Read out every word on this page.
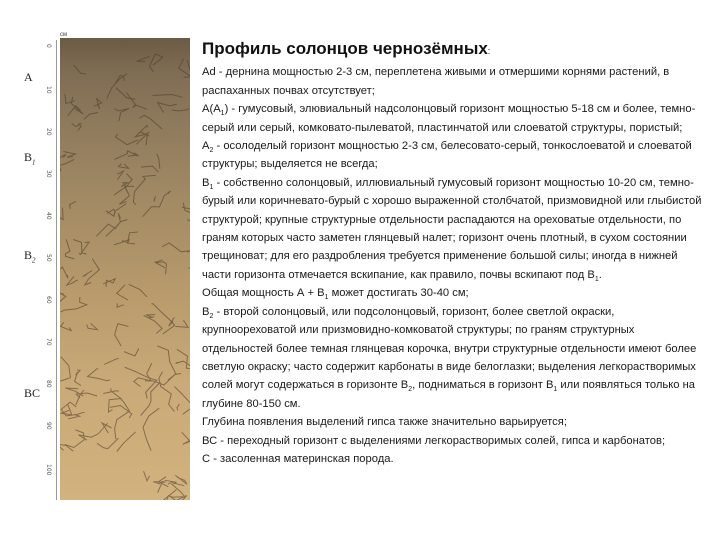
0
10
20
30
40
50
60
70
80
90
100
А
$В_1$
$В_2$
ВС
см
Профиль солонцов чернозёмных:

Аd - дернина мощностью 2-3 см, переплетена живыми и отмершими корнями растений, в распаханных почвах отсутствует;

$А(А_1)$ - гумусовый, элювиальный надсолонцовый горизонт мощностью 5-18 см и более, темно-серый или серый, комковато-пылеватой, пластинчатой или слоеватой структуры, пористый;

$А_2$ - осолоделый горизонт мощностью 2-3 см, белесовато-серый, тонкослоеватой и слоеватой структуры; выделяется не всегда;

$В_1$ - собственно солонцовый, иллювиальный гумусовый горизонт мощностью 10-20 см, темно-бурый или коричневато-бурый с хорошо выраженной столбчатой, призмовидной или глыбистой структурой; крупные структурные отдельности распадаются на ореховатые отдельности, по граням которых часто заметен глянцевый налет; горизонт очень плотный, в сухом состоянии трещиноват; для его раздробления требуется применение большой силы; иногда в нижней части горизонта отмечается вскипание, как правило, почвы вскипают под $В_1$.

Общая мощность $А + В_1$ может достигать 30-40 см;

$В_2$ - второй солонцовый, или подсолонцовый, горизонт, более светлой окраски, крупноореховатой или призмовидно-комковатой структуры; по граням структурных отдельностей более темная глянцевая корочка, внутри структурные отдельности имеют более светлую окраску; часто содержит карбонаты в виде белоглазки; выделения легкорастворимых солей могут содержаться в горизонте $В_2$, подниматься в горизонт $В_1$ или появляться только на глубине 80-150 см.

Глубина появления выделений гипса также значительно варьируется;

ВС - переходный горизонт с выделениями легкорастворимых солей, гипса и карбонатов;

С - засоленная материнская порода.
